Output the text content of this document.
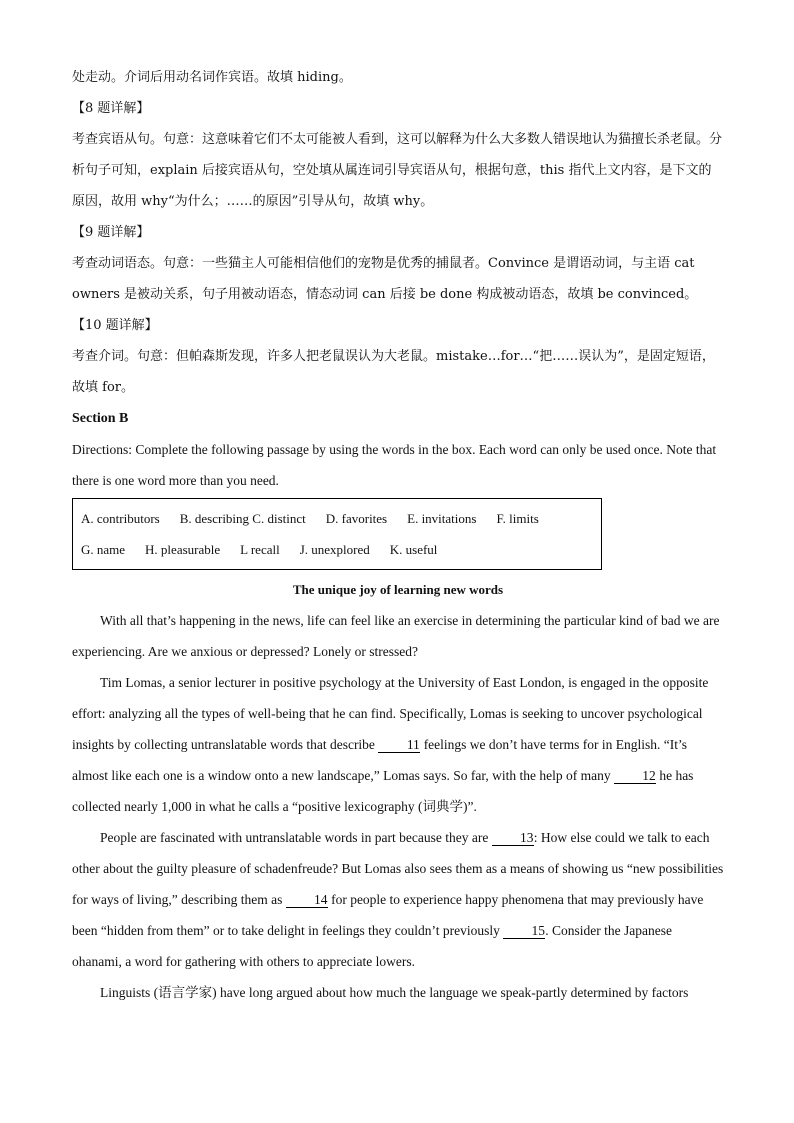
处走动。介词后用动名词作宾语。故填 hiding。

【8 题详解】

考查宾语从句。句意：这意味着它们不太可能被人看到，这可以解释为什么大多数人错误地认为猫擅长杀老鼠。分析句子可知，explain 后接宾语从句，空处填从属连词引导宾语从句，根据句意，this 指代上文内容，是下文的原因，故用 why“为什么；……的原因”引导从句，故填 why。

【9 题详解】

考查动词语态。句意：一些猫主人可能相信他们的宠物是优秀的捕鼠者。Convince 是谓语动词，与主语 cat owners 是被动关系，句子用被动语态，情态动词 can 后接 be done 构成被动语态，故填 be convinced。

【10 题详解】

考查介词。句意：但帕森斯发现，许多人把老鼠误认为大老鼠。mistake…for…“把……误认为”，是固定短语，故填 for。

Section B

Directions: Complete the following passage by using the words in the box. Each word can only be used once. Note that there is one word more than you need.

A. contributors B. describing C. distinct D. favorites E. invitations F. limits
G. name H. pleasurable L recall J. unexplored K. useful

The unique joy of learning new words

With all that’s happening in the news, life can feel like an exercise in determining the particular kind of bad we are experiencing. Are we anxious or depressed? Lonely or stressed?

Tim Lomas, a senior lecturer in positive psychology at the University of East London, is engaged in the opposite effort: analyzing all the types of well-being that he can find. Specifically, Lomas is seeking to uncover psychological insights by collecting untranslatable words that describe 11 feelings we don’t have terms for in English. “It’s almost like each one is a window onto a new landscape,” Lomas says. So far, with the help of many 12 he has collected nearly 1,000 in what he calls a “positive lexicography (词典学)”.

People are fascinated with untranslatable words in part because they are 13: How else could we talk to each other about the guilty pleasure of schadenfreude? But Lomas also sees them as a means of showing us “new possibilities for ways of living,” describing them as 14 for people to experience happy phenomena that may previously have been “hidden from them” or to take delight in feelings they couldn’t previously 15. Consider the Japanese ohanami, a word for gathering with others to appreciate lowers.

Linguists (语言学家) have long argued about how much the language we speak-partly determined by factors
